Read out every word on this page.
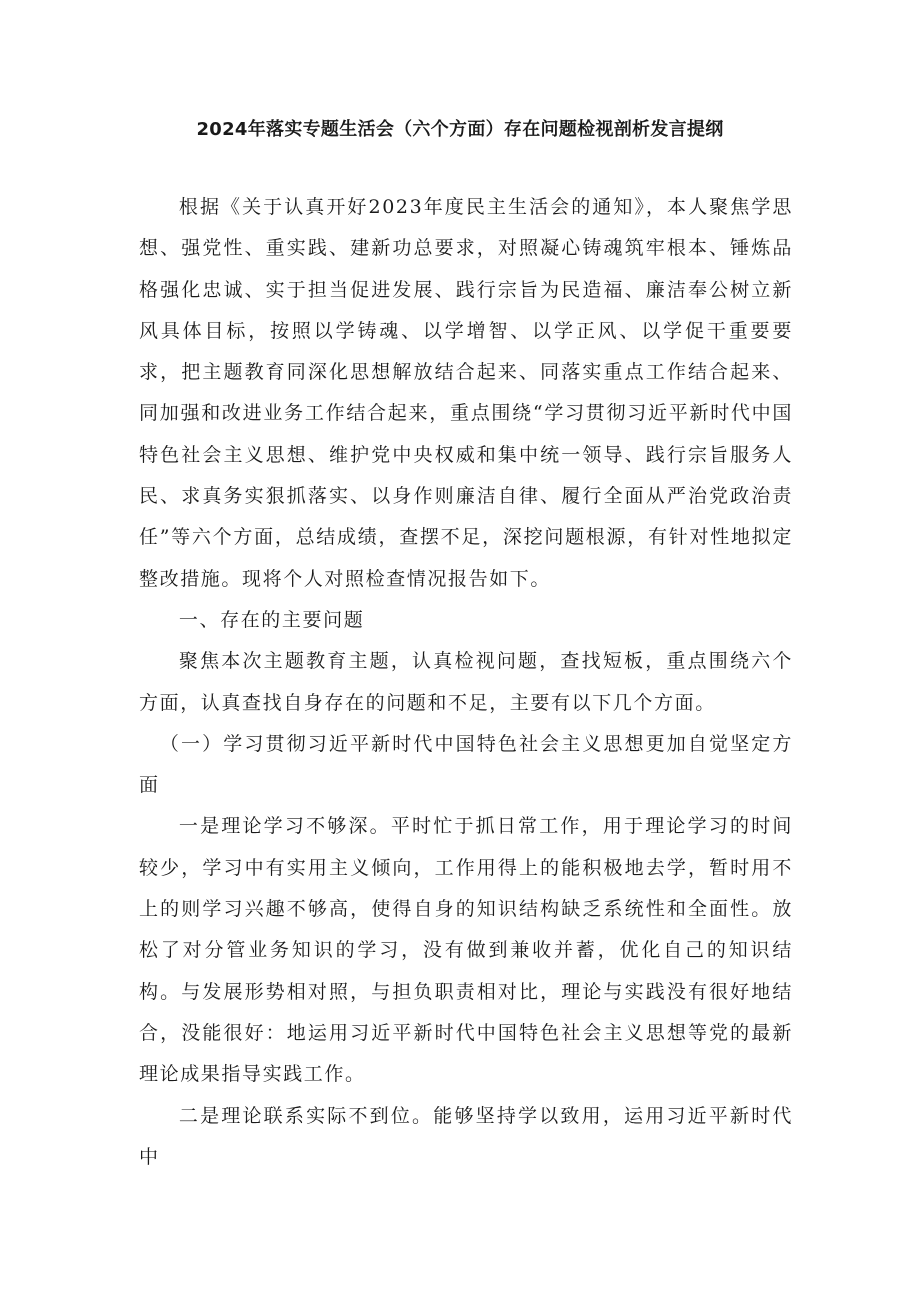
2024年落实专题生活会（六个方面）存在问题检视剖析发言提纲

根据《关于认真开好2023年度民主生活会的通知》，本人聚焦学思想、强党性、重实践、建新功总要求，对照凝心铸魂筑牢根本、锤炼品格强化忠诚、实于担当促进发展、践行宗旨为民造福、廉洁奉公树立新风具体目标，按照以学铸魂、以学增智、以学正风、以学促干重要要求，把主题教育同深化思想解放结合起来、同落实重点工作结合起来、同加强和改进业务工作结合起来，重点围绕“学习贯彻习近平新时代中国特色社会主义思想、维护党中央权威和集中统一领导、践行宗旨服务人民、求真务实狠抓落实、以身作则廉洁自律、履行全面从严治党政治责任”等六个方面，总结成绩，查摆不足，深挖问题根源，有针对性地拟定整改措施。现将个人对照检查情况报告如下。

一、存在的主要问题

聚焦本次主题教育主题，认真检视问题，查找短板，重点围绕六个方面，认真查找自身存在的问题和不足，主要有以下几个方面。

（一）学习贯彻习近平新时代中国特色社会主义思想更加自觉坚定方面

一是理论学习不够深。平时忙于抓日常工作，用于理论学习的时间较少，学习中有实用主义倾向，工作用得上的能积极地去学，暂时用不上的则学习兴趣不够高，使得自身的知识结构缺乏系统性和全面性。放松了对分管业务知识的学习，没有做到兼收并蓄，优化自己的知识结构。与发展形势相对照，与担负职责相对比，理论与实践没有很好地结合，没能很好：地运用习近平新时代中国特色社会主义思想等党的最新理论成果指导实践工作。

二是理论联系实际不到位。能够坚持学以致用，运用习近平新时代中
